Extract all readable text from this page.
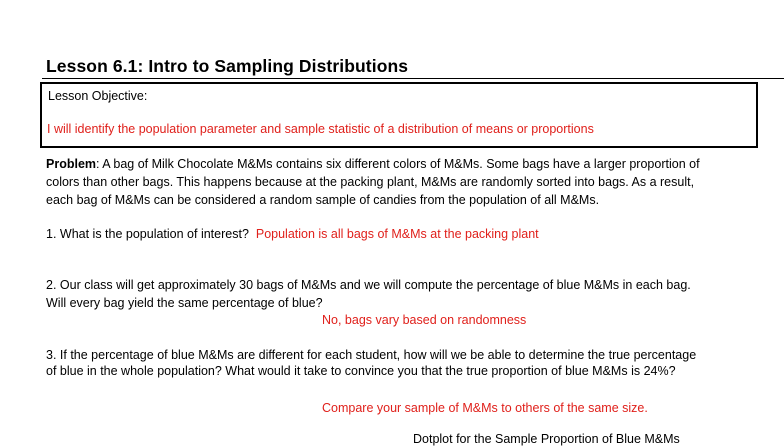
Lesson 6.1: Intro to Sampling Distributions
Lesson Objective:
I will identify the population parameter and sample statistic of a distribution of means or proportions
Problem: A bag of Milk Chocolate M&Ms contains six different colors of M&Ms. Some bags have a larger proportion of
colors than other bags. This happens because at the packing plant, M&Ms are randomly sorted into bags. As a result,
each bag of M&Ms can be considered a random sample of candies from the population of all M&Ms.
1. What is the population of interest? Population is all bags of M&Ms at the packing plant
2. Our class will get approximately 30 bags of M&Ms and we will compute the percentage of blue M&Ms in each bag.
Will every bag yield the same percentage of blue?
No, bags vary based on randomness
3. If the percentage of blue M&Ms are different for each student, how will we be able to determine the true percentage
of blue in the whole population? What would it take to convince you that the true proportion of blue M&Ms is 24%?
Compare your sample of M&Ms to others of the same size.
Dotplot for the Sample Proportion of Blue M&Ms
